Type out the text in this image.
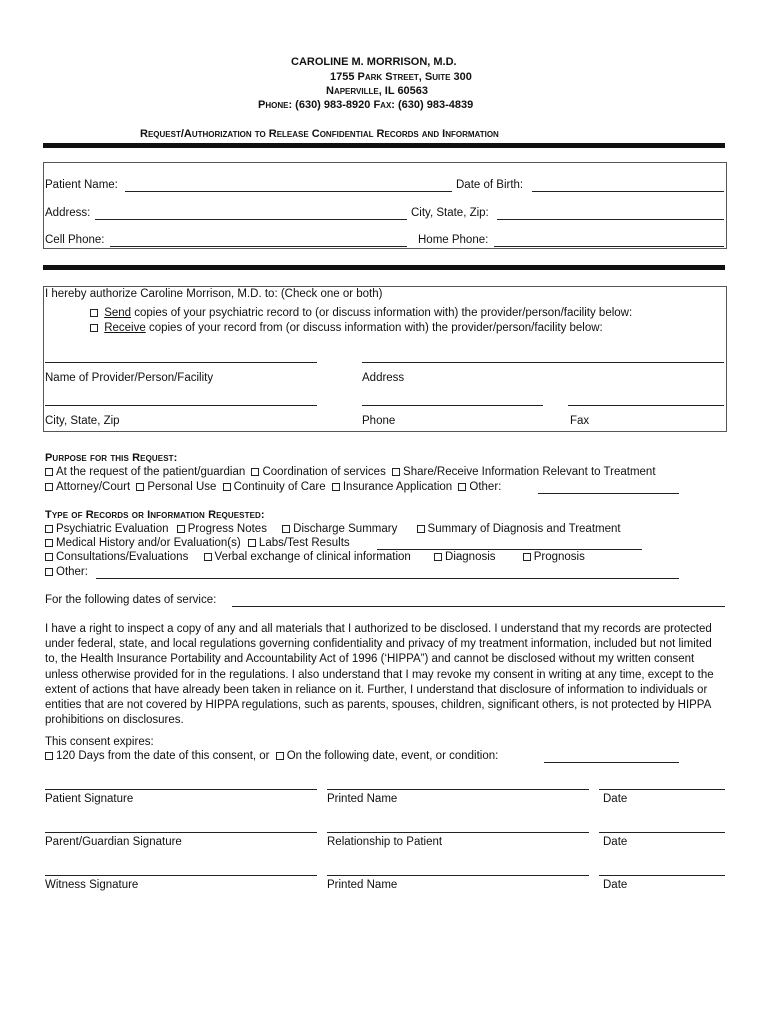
CAROLINE M. MORRISON, M.D.
1755 Park Street, Suite 300
Naperville, IL 60563
Phone: (630) 983-8920 Fax: (630) 983-4839
Request/Authorization to Release Confidential Records and Information
Patient Name:	Date of Birth:
Address:	City, State, Zip:
Cell Phone:	Home Phone:
I hereby authorize Caroline Morrison, M.D. to: (Check one or both)
Send copies of your psychiatric record to (or discuss information with) the provider/person/facility below:
Receive copies of your record from (or discuss information with) the provider/person/facility below:
Name of Provider/Person/Facility	Address
City, State, Zip	Phone	Fax
Purpose for this Request:
At the request of the patient/guardian Coordination of services Share/Receive Information Relevant to Treatment
Attorney/Court Personal Use Continuity of Care Insurance Application Other:
Type of Records or Information Requested:
Psychiatric Evaluation Progress Notes Discharge Summary	Summary of Diagnosis and Treatment
Medical History and/or Evaluation(s) Labs/Test Results
Consultations/Evaluations Verbal exchange of clinical information	Diagnosis	Prognosis
Other:
For the following dates of service:
I have a right to inspect a copy of any and all materials that I authorized to be disclosed. I understand that my records are protected under federal, state, and local regulations governing confidentiality and privacy of my treatment information, included but not limited to, the Health Insurance Portability and Accountability Act of 1996 (‘HIPPA”) and cannot be disclosed without my written consent unless otherwise provided for in the regulations. I also understand that I may revoke my consent in writing at any time, except to the extent of actions that have already been taken in reliance on it. Further, I understand that disclosure of information to individuals or entities that are not covered by HIPPA regulations, such as parents, spouses, children, significant others, is not protected by HIPPA prohibitions on disclosures.
This consent expires:
120 Days from the date of this consent, or On the following date, event, or condition:
Patient Signature	Printed Name	Date
Parent/Guardian Signature	Relationship to Patient	Date
Witness Signature	Printed Name	Date
